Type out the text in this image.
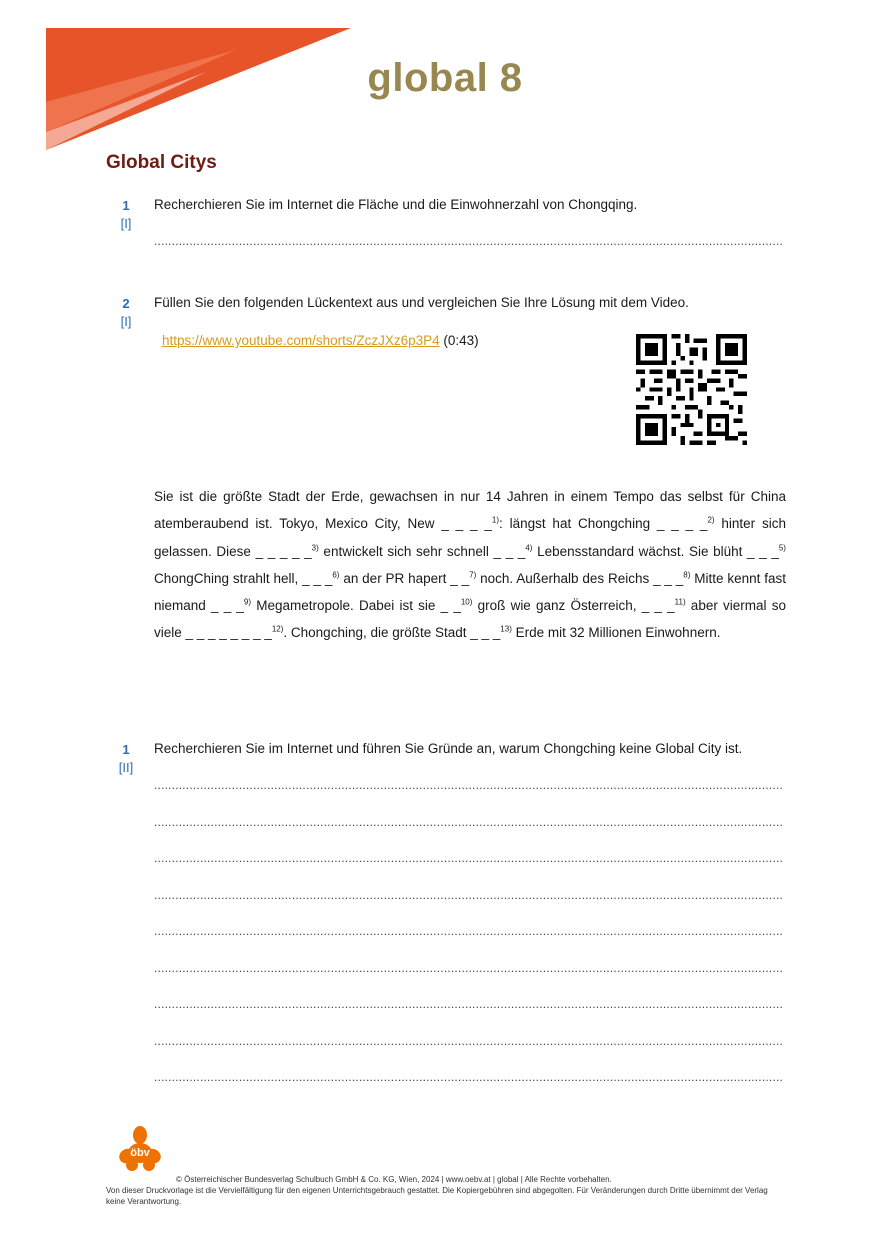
global 8
Global Citys
1
[I]
Recherchieren Sie im Internet die Fläche und die Einwohnerzahl von Chongqing.
.....
2
[I]
Füllen Sie den folgenden Lückentext aus und vergleichen Sie Ihre Lösung mit dem Video.
https://www.youtube.com/shorts/ZczJXz6p3P4 (0:43)
Sie ist die größte Stadt der Erde, gewachsen in nur 14 Jahren in einem Tempo das selbst für China atemberaubend ist. Tokyo, Mexico City, New _ _ _ _$^{1)}$: längst hat Chongching _ _ _ _$^{2)}$ hinter sich gelassen. Diese _ _ _ _ _$^{3)}$ entwickelt sich sehr schnell _ _ _$^{4)}$ Lebensstandard wächst. Sie blüht _ _ _$^{5)}$ ChongChing strahlt hell, _ _ _$^{6)}$ an der PR hapert _ _$^{7)}$ noch. Außerhalb des Reichs _ _ _$^{8)}$ Mitte kennt fast niemand _ _ _$^{9)}$ Megametropole. Dabei ist sie _ _$^{10)}$ groß wie ganz Österreich, _ _ _$^{11)}$ aber viermal so viele _ _ _ _ _ _ _ _$^{12)}$. Chongching, die größte Stadt _ _ _$^{13)}$ Erde mit 32 Millionen Einwohnern.
1
[II]
Recherchieren Sie im Internet und führen Sie Gründe an, warum Chongching keine Global City ist.
.....
.....
.....
.....
.....
.....
.....
.....
.....
öbv
© Österreichischer Bundesverlag Schulbuch GmbH & Co. KG, Wien, 2024 | www.oebv.at | global | Alle Rechte vorbehalten.
Von dieser Druckvorlage ist die Vervielfältigung für den eigenen Unterrichtsgebrauch gestattet. Die Kopiergebühren sind abgegolten. Für Veränderungen durch Dritte übernimmt der Verlag keine Verantwortung.
